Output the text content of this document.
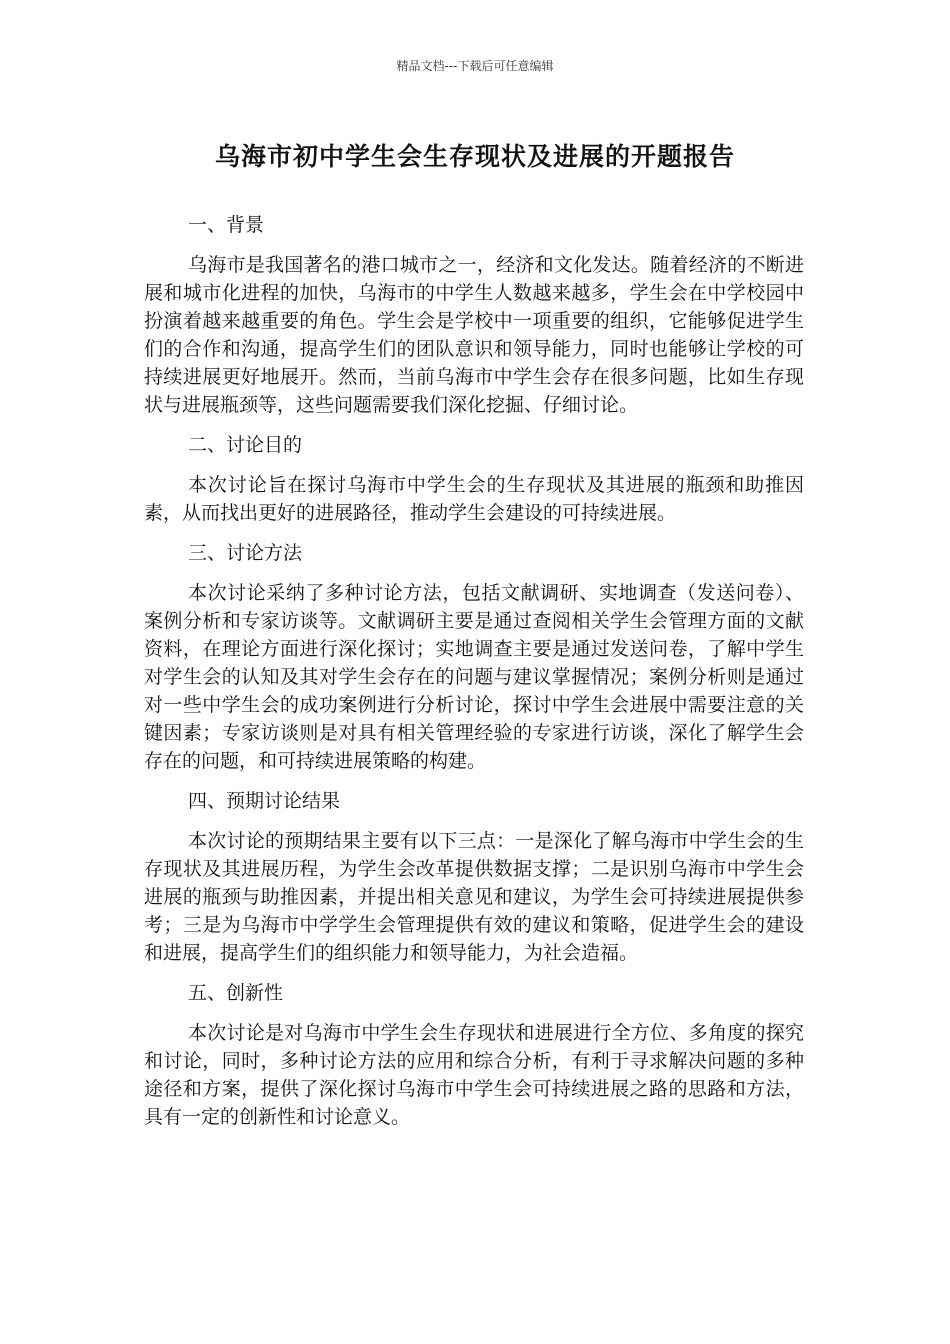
精品文档---下载后可任意编辑
乌海市初中学生会生存现状及进展的开题报告
一、背景
乌海市是我国著名的港口城市之一，经济和文化发达。随着经济的不断进展和城市化进程的加快，乌海市的中学生人数越来越多，学生会在中学校园中扮演着越来越重要的角色。学生会是学校中一项重要的组织，它能够促进学生们的合作和沟通，提高学生们的团队意识和领导能力，同时也能够让学校的可持续进展更好地展开。然而，当前乌海市中学生会存在很多问题，比如生存现状与进展瓶颈等，这些问题需要我们深化挖掘、仔细讨论。
二、讨论目的
本次讨论旨在探讨乌海市中学生会的生存现状及其进展的瓶颈和助推因素，从而找出更好的进展路径，推动学生会建设的可持续进展。
三、讨论方法
本次讨论采纳了多种讨论方法，包括文献调研、实地调查（发送问卷）、案例分析和专家访谈等。文献调研主要是通过查阅相关学生会管理方面的文献资料，在理论方面进行深化探讨；实地调查主要是通过发送问卷，了解中学生对学生会的认知及其对学生会存在的问题与建议掌握情况；案例分析则是通过对一些中学生会的成功案例进行分析讨论，探讨中学生会进展中需要注意的关键因素；专家访谈则是对具有相关管理经验的专家进行访谈，深化了解学生会存在的问题，和可持续进展策略的构建。
四、预期讨论结果
本次讨论的预期结果主要有以下三点：一是深化了解乌海市中学生会的生存现状及其进展历程，为学生会改革提供数据支撑；二是识别乌海市中学生会进展的瓶颈与助推因素，并提出相关意见和建议，为学生会可持续进展提供参考；三是为乌海市中学学生会管理提供有效的建议和策略，促进学生会的建设和进展，提高学生们的组织能力和领导能力，为社会造福。
五、创新性
本次讨论是对乌海市中学生会生存现状和进展进行全方位、多角度的探究和讨论，同时，多种讨论方法的应用和综合分析，有利于寻求解决问题的多种途径和方案，提供了深化探讨乌海市中学生会可持续进展之路的思路和方法，具有一定的创新性和讨论意义。
